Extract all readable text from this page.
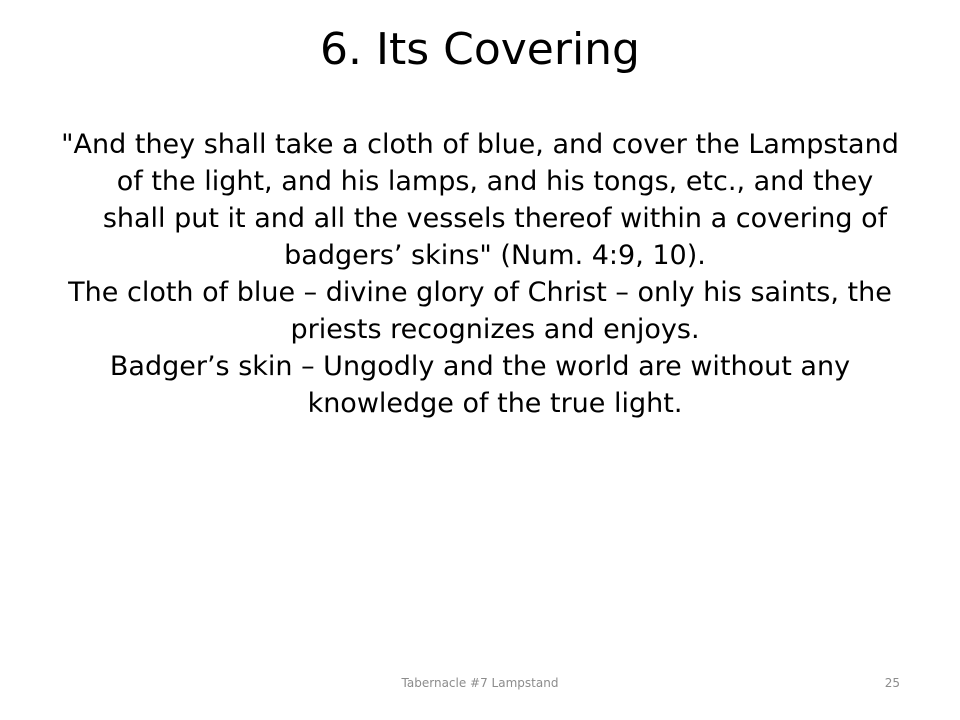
6. Its Covering

"And they shall take a cloth of blue, and cover the Lampstand of the light, and his lamps, and his tongs, etc., and they shall put it and all the vessels thereof within a covering of badgers’ skins" (Num. 4:9, 10).

The cloth of blue – divine glory of Christ – only his saints, the priests recognizes and enjoys.

Badger’s skin – Ungodly and the world are without any knowledge of the true light.

Tabernacle #7 Lampstand	25
